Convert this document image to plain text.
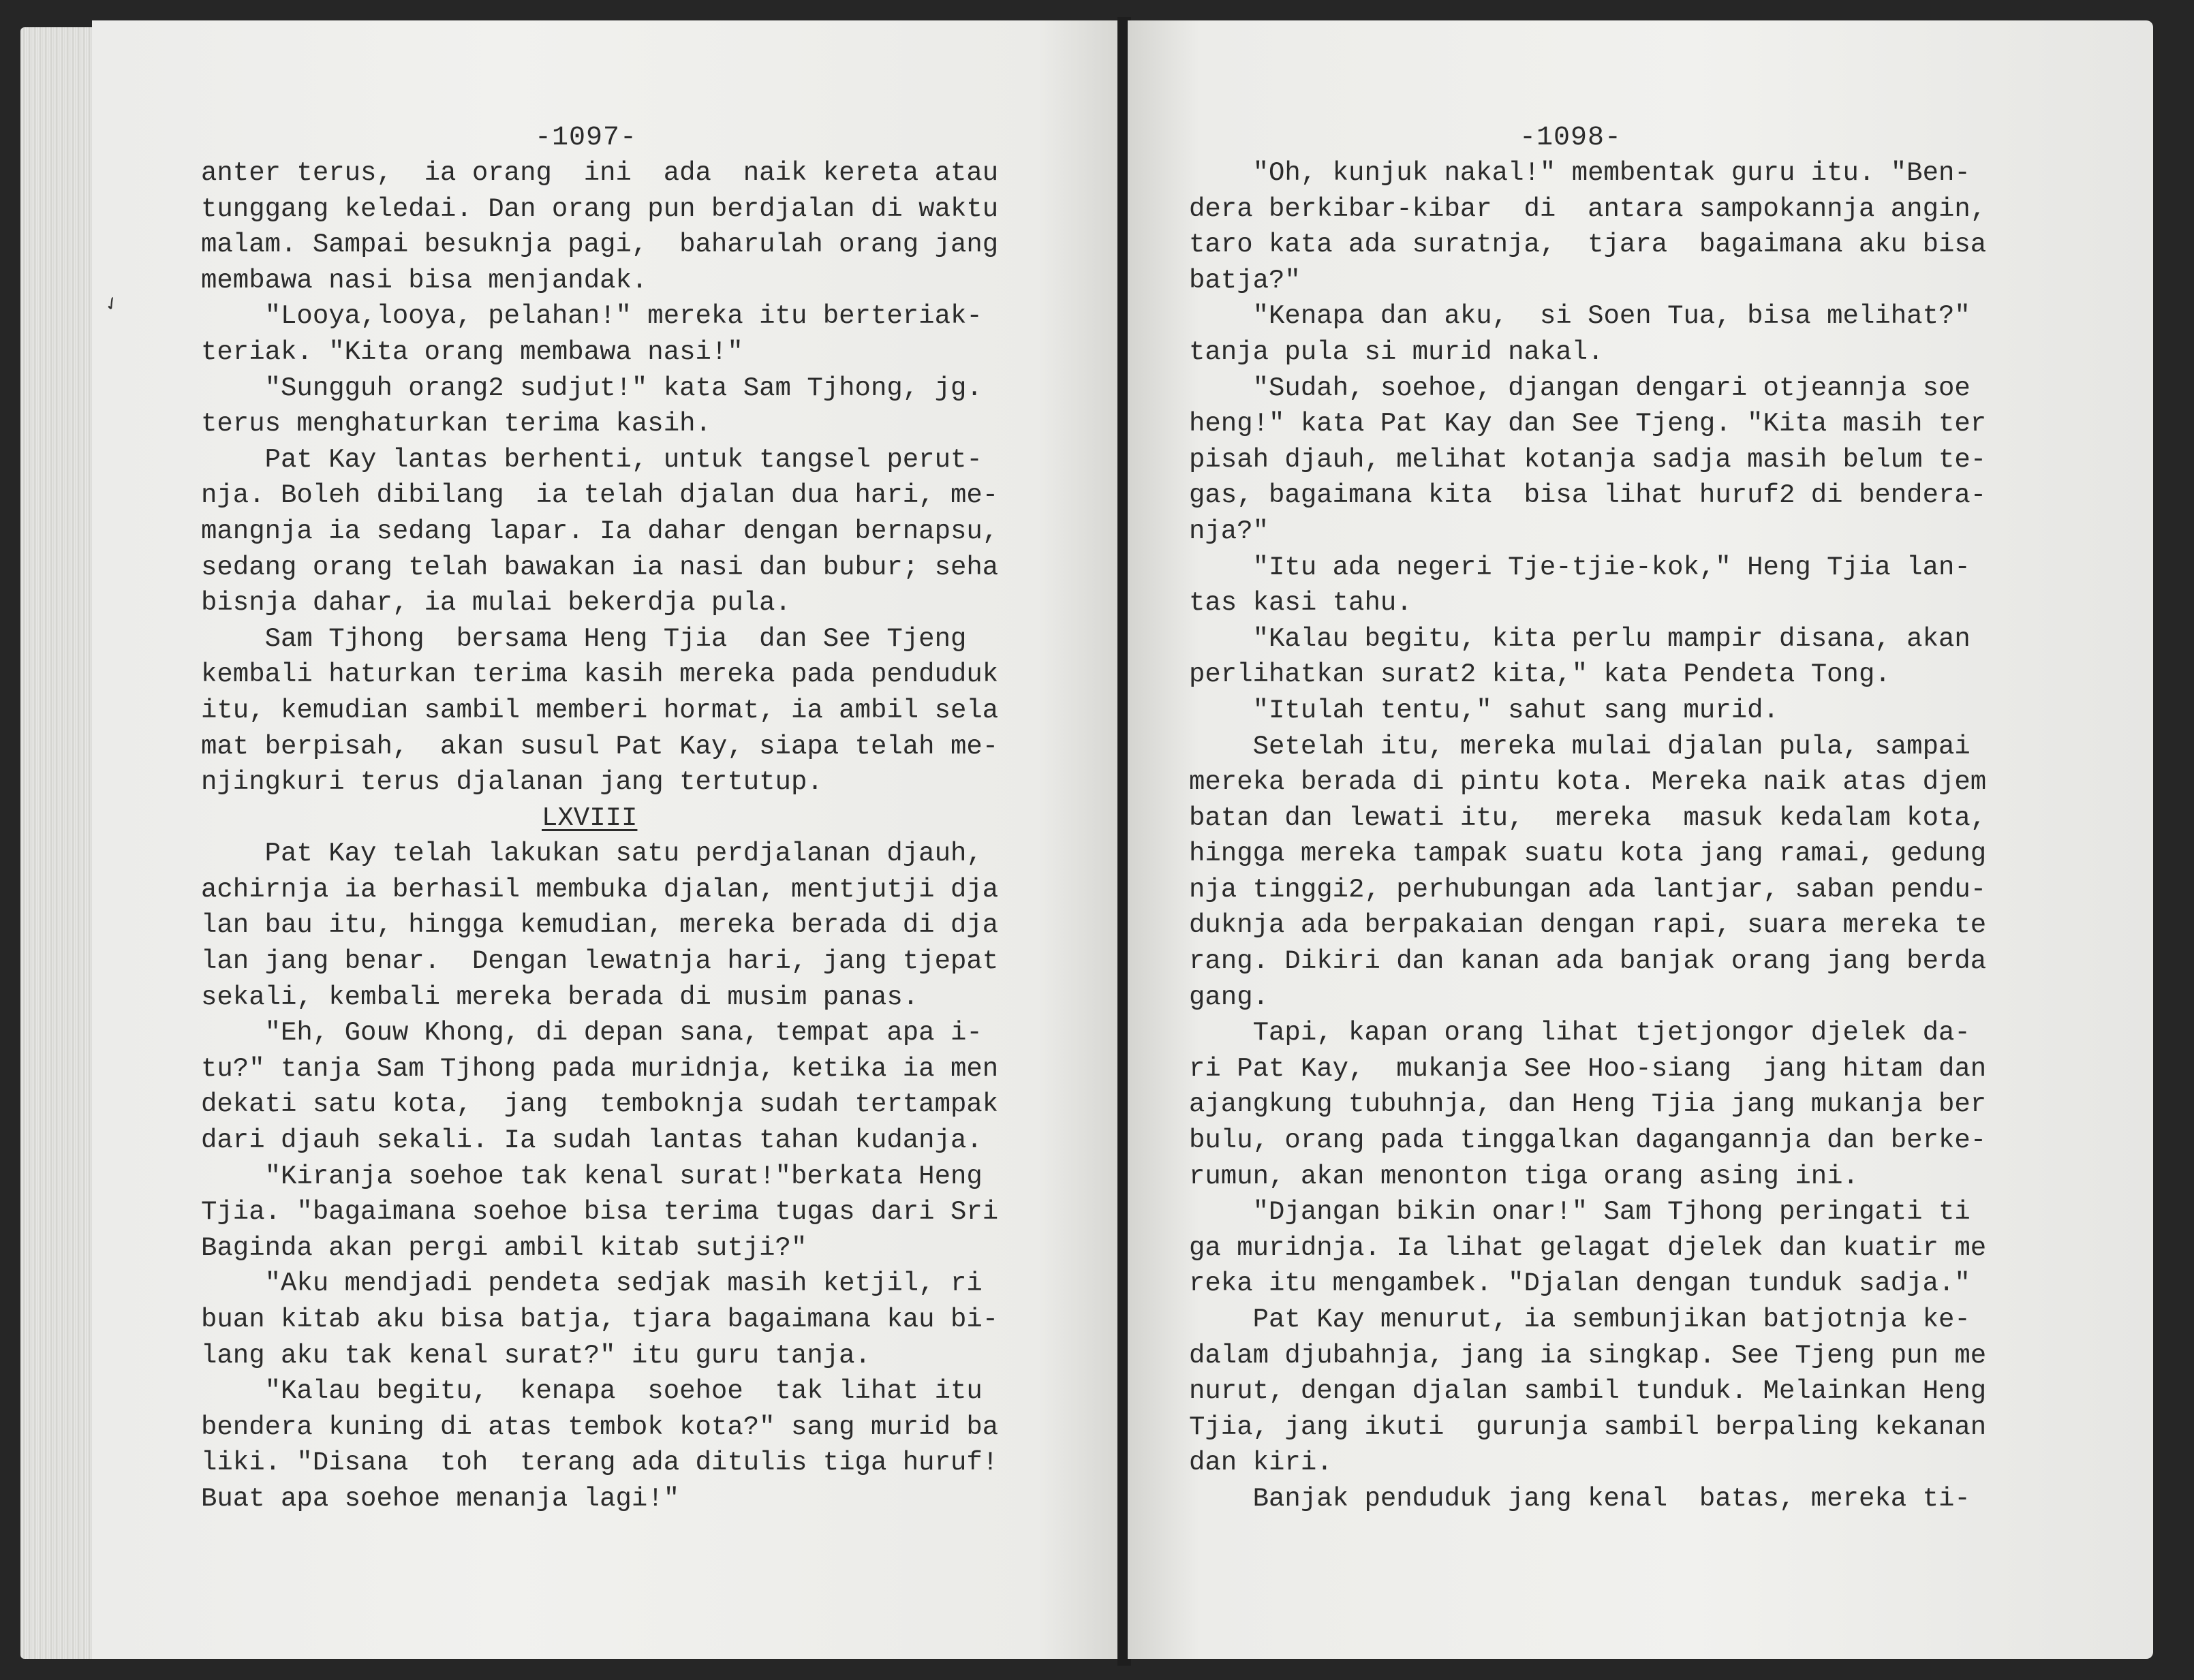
-1097-
anter terus,  ia orang  ini  ada  naik kereta atau
tunggang keledai. Dan orang pun berdjalan di waktu
malam. Sampai besuknja pagi,  baharulah orang jang
membawa nasi bisa menjandak.
"Looya,looya, pelahan!" mereka itu berteriak-
teriak. "Kita orang membawa nasi!"
"Sungguh orang2 sudjut!" kata Sam Tjhong, jg.
terus menghaturkan terima kasih.
Pat Kay lantas berhenti, untuk tangsel perut-
nja. Boleh dibilang  ia telah djalan dua hari, me-
mangnja ia sedang lapar. Ia dahar dengan bernapsu,
sedang orang telah bawakan ia nasi dan bubur; seha
bisnja dahar, ia mulai bekerdja pula.
Sam Tjhong  bersama Heng Tjia  dan See Tjeng
kembali haturkan terima kasih mereka pada penduduk
itu, kemudian sambil memberi hormat, ia ambil sela
mat berpisah,  akan susul Pat Kay, siapa telah me-
njingkuri terus djalanan jang tertutup.
LXVIII
Pat Kay telah lakukan satu perdjalanan djauh,
achirnja ia berhasil membuka djalan, mentjutji dja
lan bau itu, hingga kemudian, mereka berada di dja
lan jang benar.  Dengan lewatnja hari, jang tjepat
sekali, kembali mereka berada di musim panas.
"Eh, Gouw Khong, di depan sana, tempat apa i-
tu?" tanja Sam Tjhong pada muridnja, ketika ia men
dekati satu kota,  jang  temboknja sudah tertampak
dari djauh sekali. Ia sudah lantas tahan kudanja.
"Kiranja soehoe tak kenal surat!"berkata Heng
Tjia. "bagaimana soehoe bisa terima tugas dari Sri
Baginda akan pergi ambil kitab sutji?"
"Aku mendjadi pendeta sedjak masih ketjil, ri
buan kitab aku bisa batja, tjara bagaimana kau bi-
lang aku tak kenal surat?" itu guru tanja.
"Kalau begitu,  kenapa  soehoe  tak lihat itu
bendera kuning di atas tembok kota?" sang murid ba
liki. "Disana  toh  terang ada ditulis tiga huruf!
Buat apa soehoe menanja lagi!"
-1098-
"Oh, kunjuk nakal!" membentak guru itu. "Ben-
dera berkibar-kibar  di  antara sampokannja angin,
taro kata ada suratnja,  tjara  bagaimana aku bisa
batja?"
"Kenapa dan aku,  si Soen Tua, bisa melihat?"
tanja pula si murid nakal.
"Sudah, soehoe, djangan dengari otjeannja soe
heng!" kata Pat Kay dan See Tjeng. "Kita masih ter
pisah djauh, melihat kotanja sadja masih belum te-
gas, bagaimana kita  bisa lihat huruf2 di bendera-
nja?"
"Itu ada negeri Tje-tjie-kok," Heng Tjia lan-
tas kasi tahu.
"Kalau begitu, kita perlu mampir disana, akan
perlihatkan surat2 kita," kata Pendeta Tong.
"Itulah tentu," sahut sang murid.
Setelah itu, mereka mulai djalan pula, sampai
mereka berada di pintu kota. Mereka naik atas djem
batan dan lewati itu,  mereka  masuk kedalam kota,
hingga mereka tampak suatu kota jang ramai, gedung
nja tinggi2, perhubungan ada lantjar, saban pendu-
duknja ada berpakaian dengan rapi, suara mereka te
rang. Dikiri dan kanan ada banjak orang jang berda
gang.
Tapi, kapan orang lihat tjetjongor djelek da-
ri Pat Kay,  mukanja See Hoo-siang  jang hitam dan
ajangkung tubuhnja, dan Heng Tjia jang mukanja ber
bulu, orang pada tinggalkan dagangannja dan berke-
rumun, akan menonton tiga orang asing ini.
"Djangan bikin onar!" Sam Tjhong peringati ti
ga muridnja. Ia lihat gelagat djelek dan kuatir me
reka itu mengambek. "Djalan dengan tunduk sadja."
Pat Kay menurut, ia sembunjikan batjotnja ke-
dalam djubahnja, jang ia singkap. See Tjeng pun me
nurut, dengan djalan sambil tunduk. Melainkan Heng
Tjia, jang ikuti  gurunja sambil berpaling kekanan
dan kiri.
Banjak penduduk jang kenal  batas, mereka ti-
✓
